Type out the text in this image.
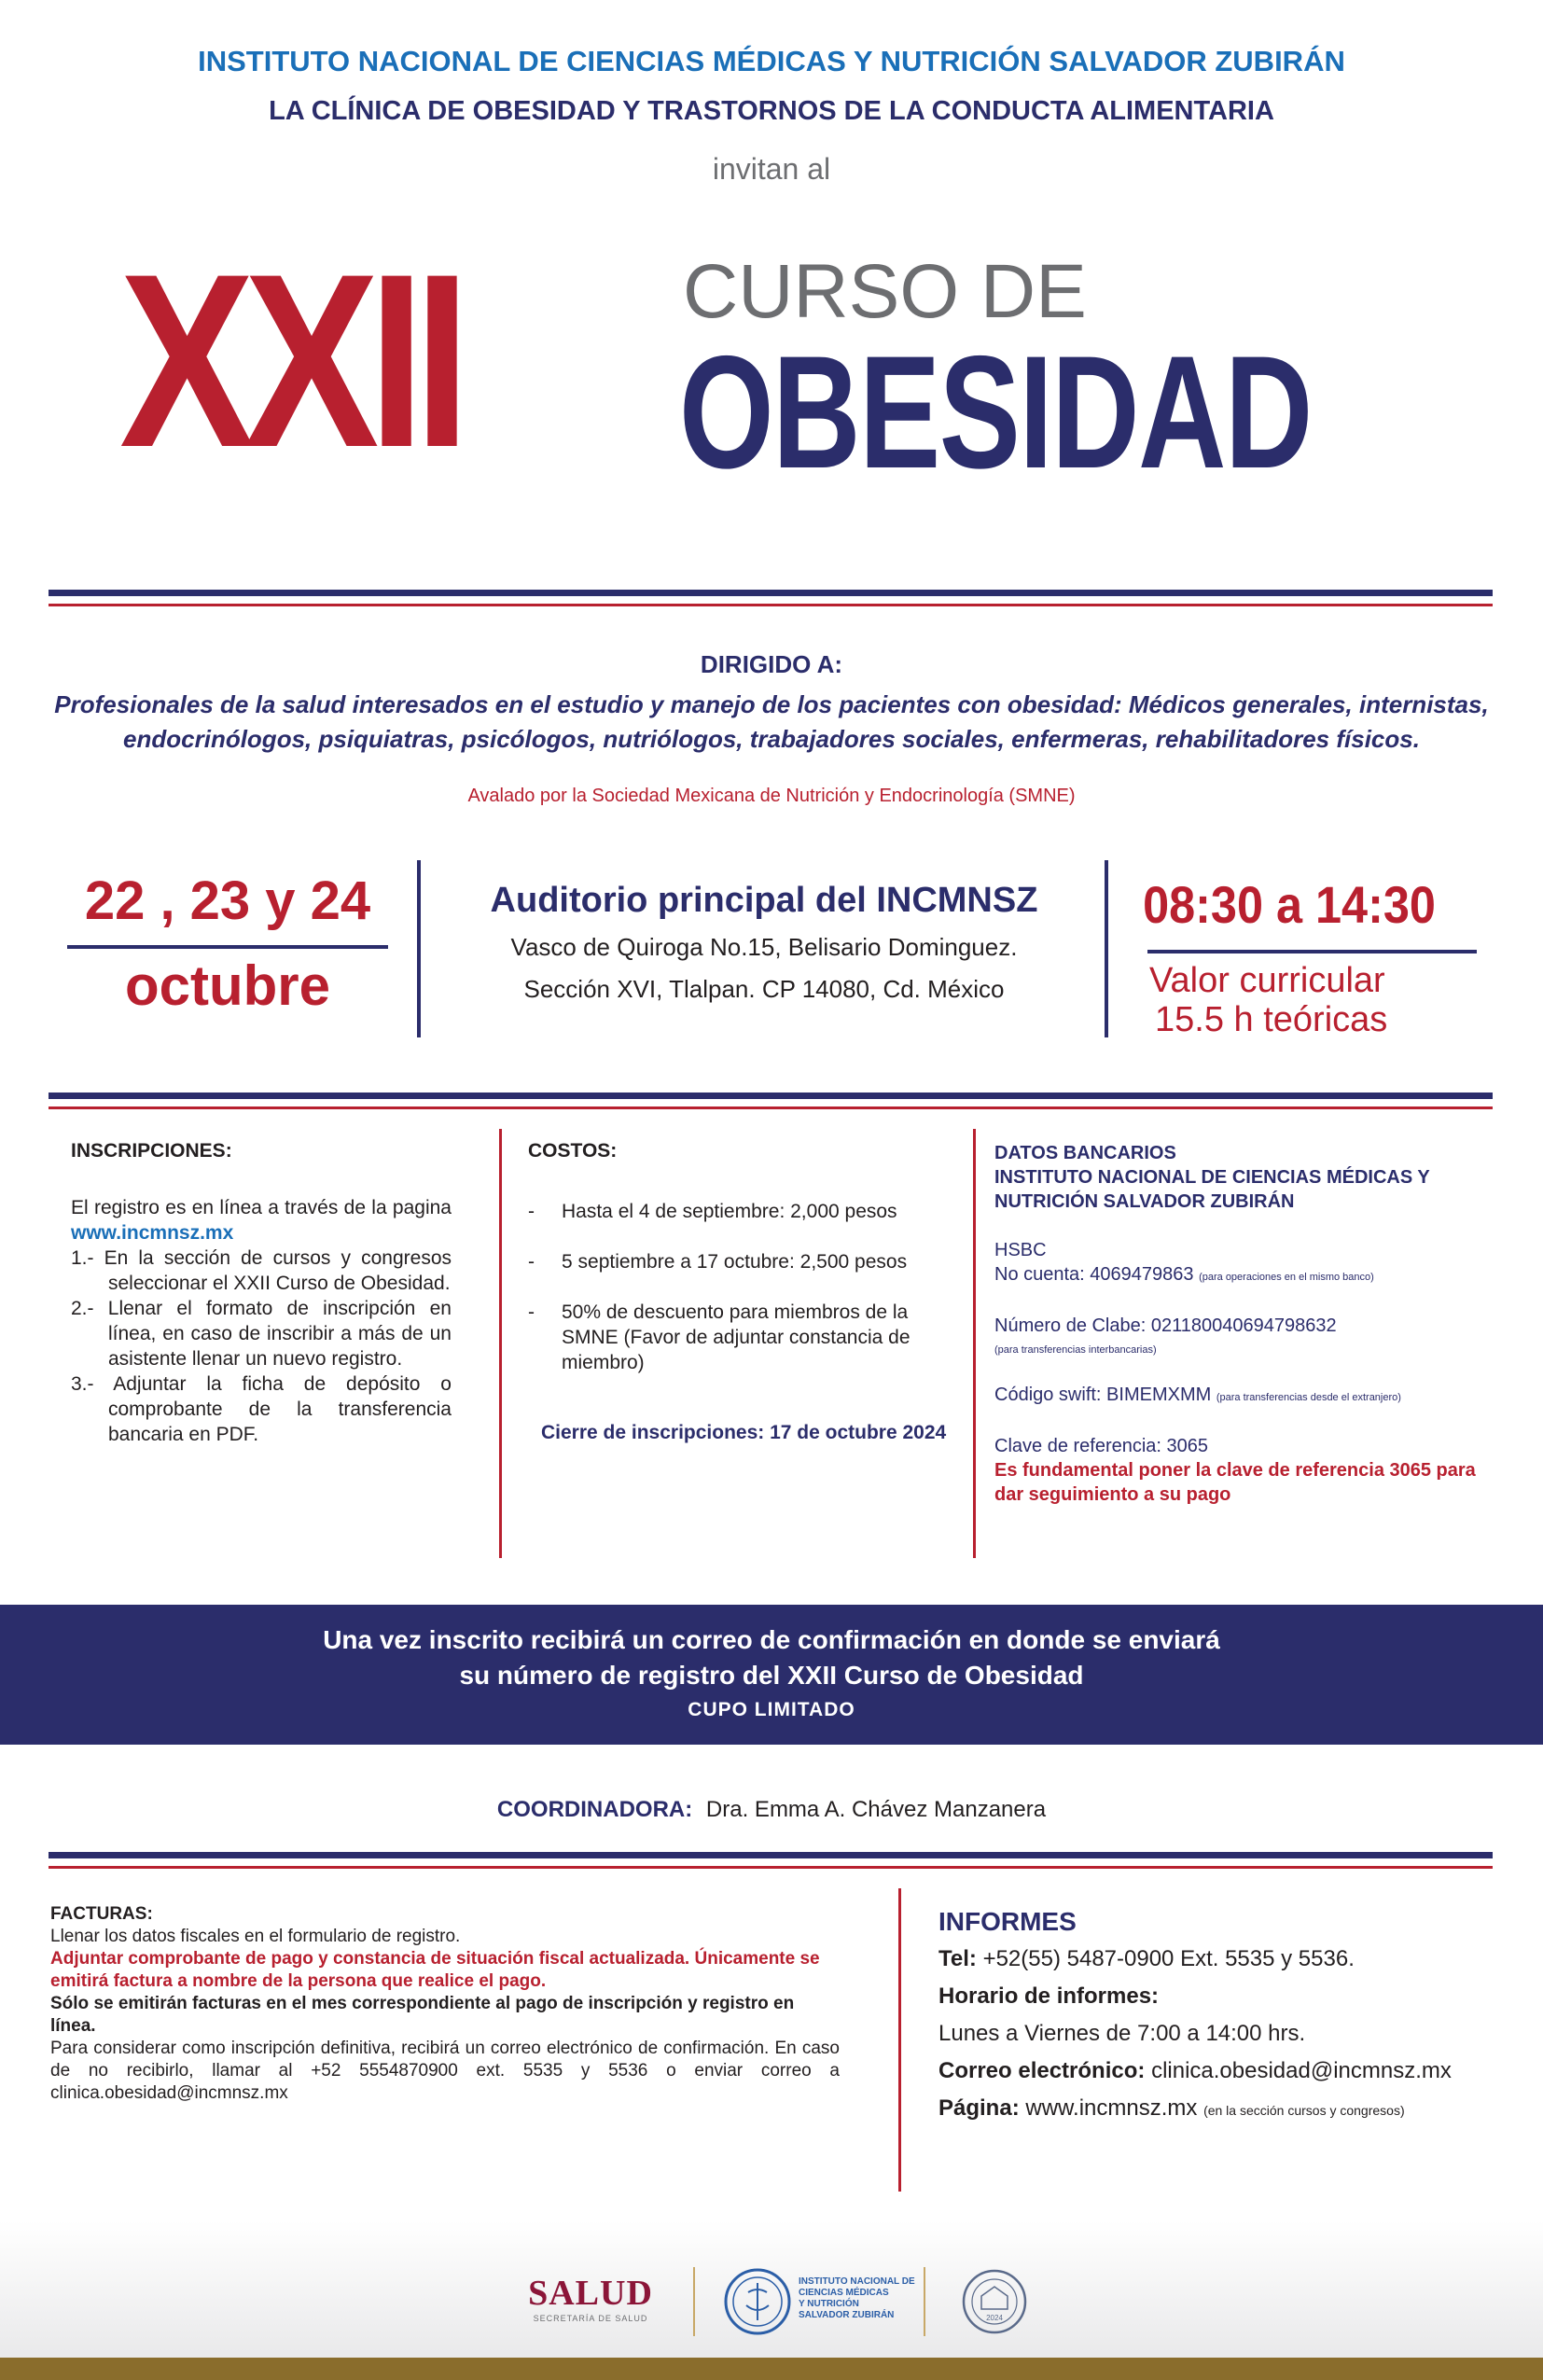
INSTITUTO NACIONAL DE CIENCIAS MÉDICAS Y NUTRICIÓN SALVADOR ZUBIRÁN
LA CLÍNICA DE OBESIDAD Y TRASTORNOS DE LA CONDUCTA ALIMENTARIA
invitan al
XXII	CURSO DE
OBESIDAD
DIRIGIDO A:
Profesionales de la salud interesados en el estudio y manejo de los pacientes con obesidad: Médicos generales, internistas,
endocrinólogos, psiquiatras, psicólogos, nutriólogos, trabajadores sociales, enfermeras, rehabilitadores físicos.
Avalado por la Sociedad Mexicana de Nutrición y Endocrinología (SMNE)
22 , 23 y 24
octubre
Auditorio principal del INCMNSZ
Vasco de Quiroga No.15, Belisario Dominguez.
Sección XVI, Tlalpan. CP 14080, Cd. México
08:30 a 14:30
Valor curricular
15.5 h teóricas

INSCRIPCIONES:

El registro es en línea a través de la pagina www.incmnsz.mx

1.- En la sección de cursos y congresos seleccionar el XXII Curso de Obesidad.

2.- Llenar el formato de inscripción en línea, en caso de inscribir a más de un asistente llenar un nuevo registro.

3.- Adjuntar la ficha de depósito o comprobante de la transferencia bancaria en PDF.

COSTOS:

-	Hasta el 4 de septiembre: 2,000 pesos
-	5 septiembre a 17 octubre: 2,500 pesos
-	50% de descuento para miembros de la SMNE (Favor de adjuntar constancia de miembro)

Cierre de inscripciones: 17 de octubre 2024

DATOS BANCARIOS

INSTITUTO NACIONAL DE CIENCIAS MÉDICAS Y NUTRICIÓN SALVADOR ZUBIRÁN

HSBC

No cuenta: 4069479863 (para operaciones en el mismo banco)

Número de Clabe: 021180040694798632

(para transferencias interbancarias)

Código swift: BIMEMXMM (para transferencias desde el extranjero)

Clave de referencia: 3065

Es fundamental poner la clave de referencia 3065 para dar seguimiento a su pago

Una vez inscrito recibirá un correo de confirmación en donde se enviará

su número de registro del XXII Curso de Obesidad

CUPO LIMITADO

COORDINADORA: Dra. Emma A. Chávez Manzanera

FACTURAS:

Llenar los datos fiscales en el formulario de registro.

Adjuntar comprobante de pago y constancia de situación fiscal actualizada. Únicamente se emitirá factura a nombre de la persona que realice el pago.

Sólo se emitirán facturas en el mes correspondiente al pago de inscripción y registro en línea.

Para considerar como inscripción definitiva, recibirá un correo electrónico de confirmación. En caso de no recibirlo, llamar al +52 5554870900 ext. 5535 y 5536 o enviar correo a clinica.obesidad@incmnsz.mx

INFORMES

Tel: +52(55) 5487-0900 Ext. 5535 y 5536.

Horario de informes:

Lunes a Viernes de 7:00 a 14:00 hrs.

Correo electrónico: clinica.obesidad@incmnsz.mx

Página: www.incmnsz.mx (en la sección cursos y congresos)

SALUD
SECRETARÍA DE SALUD
INSTITUTO NACIONAL DE
CIENCIAS MÉDICAS
Y NUTRICIÓN
SALVADOR ZUBIRÁN	2024
